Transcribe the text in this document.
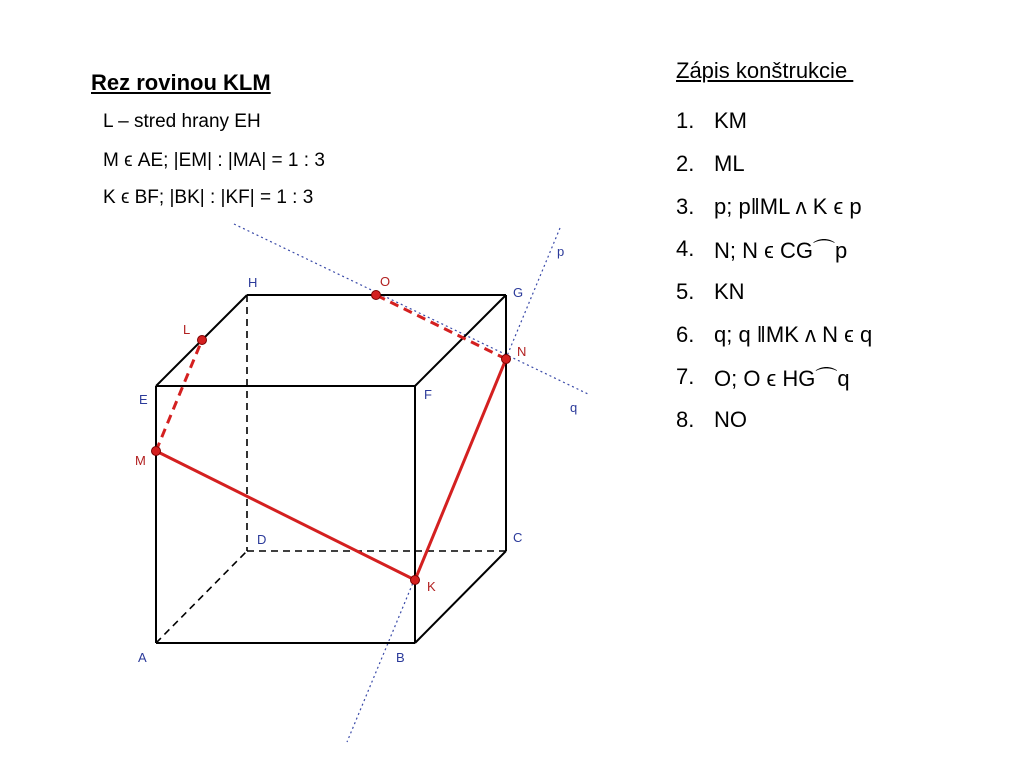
Rez rovinou KLM
L – stred hrany EH
M ϵ AE; |EM| : |MA| = 1 : 3
K ϵ BF; |BK| : |KF| = 1 : 3
Zápis konštrukcie
1. KM
2. ML
3. p; p‖ML ᴧ K ϵ p
4. N; N ϵ CG⌒p
5. KN
6. q; q ‖MK ᴧ N ϵ q
7. O; O ϵ HG⌒q
8. NO
A	B
C
D
E	F
G
H
L
M
K
N
O
p
q
